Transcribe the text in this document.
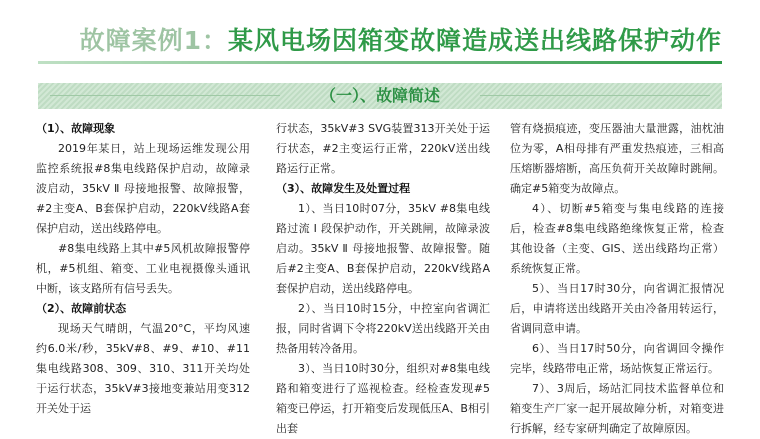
故障案例1：某风电场因箱变故障造成送出线路保护动作
（一）、故障简述

（1）、故障现象

2019年某日，站上现场运维发现公用监控系统报#8集电线路保护启动，故障录波启动，35kV Ⅱ 母接地报警、故障报警，#2主变A、B套保护启动，220kV线路A套保护启动，送出线路停电。

#8集电线路上其中#5风机故障报警停机，#5机组、箱变、工业电视摄像头通讯中断，该支路所有信号丢失。

（2）、故障前状态

现场天气晴朗，气温20°C，平均风速约6.0米/秒，35kV#8、#9、#10、#11集电线路308、309、310、311开关均处于运行状态，35kV#3接地变兼站用变312开关处于运

行状态，35kV#3 SVG装置313开关处于运行状态，#2主变运行正常，220kV送出线路运行正常。

（3）、故障发生及处置过程

1）、当日10时07分，35kV #8集电线路过流 Ⅰ 段保护动作，开关跳闸，故障录波启动。35kV Ⅱ 母接地报警、故障报警。随后#2主变A、B套保护启动，220kV线路A套保护启动，送出线路停电。

2）、当日10时15分，中控室向省调汇报，同时省调下令将220kV送出线路开关由热备用转冷备用。

3）、当日10时30分，组织对#8集电线路和箱变进行了巡视检查。经检查发现#5箱变已停运，打开箱变后发现低压A、B相引出套

管有烧损痕迹，变压器油大量泄露，油枕油位为零，A相母排有严重发热痕迹，三相高压熔断器熔断，高压负荷开关故障时跳闸。确定#5箱变为故障点。

4）、切断#5箱变与集电线路的连接后，检查#8集电线路绝缘恢复正常，检查其他设备（主变、GIS、送出线路均正常）系统恢复正常。

5）、当日17时30分，向省调汇报情况后，申请将送出线路开关由冷备用转运行，省调同意申请。

6）、当日17时50分，向省调回令操作完毕，线路带电正常，场站恢复正常运行。

7）、3周后，场站汇同技术监督单位和箱变生产厂家一起开展故障分析，对箱变进行拆解，经专家研判确定了故障原因。
